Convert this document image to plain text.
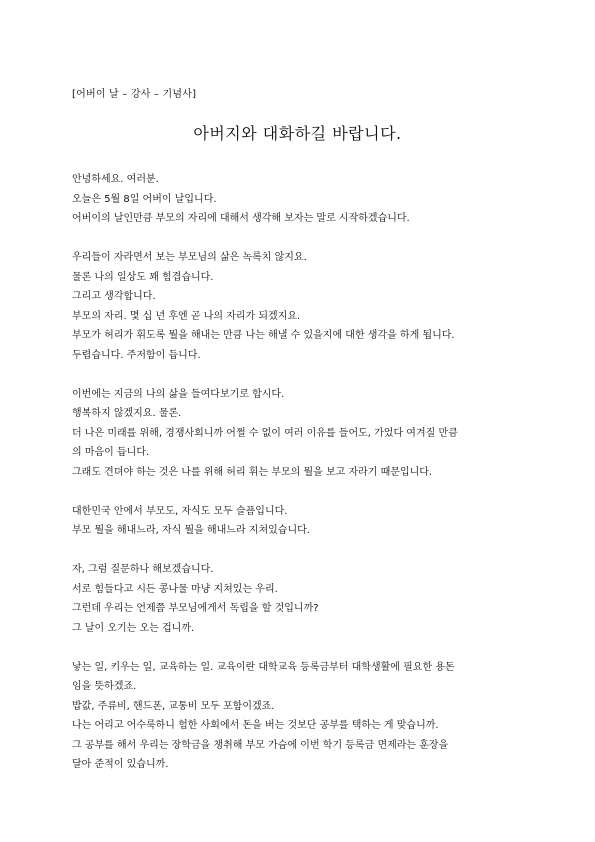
[어버이 날 – 강사 – 기념사]
아버지와 대화하길 바랍니다.
안녕하세요. 여러분.
오늘은 5월 8일 어버이 날입니다.
어버이의 날인만큼 부모의 자리에 대해서 생각해 보자는 말로 시작하겠습니다.
우리들이 자라면서 보는 부모님의 삶은 녹록치 않지요.
물론 나의 일상도 꽤 힘겹습니다.
그리고 생각합니다.
부모의 자리. 몇 십 년 후엔 곧 나의 자리가 되겠지요.
부모가 허리가 휘도록 뭘을 해내는 만큼 나는 해낼 수 있을지에 대한 생각을 하게 됩니다.
두렵습니다. 주저함이 듭니다.
이번에는 지금의 나의 삶을 들여다보기로 합시다.
행복하지 않겠지요. 물론.
더 나은 미래를 위해, 경쟁사회니까 어쩔 수 없이 여러 이유를 들어도, 가었다 여겨질 만큼
의 마음이 듭니다.
그래도 견뎌야 하는 것은 나를 위해 허리 휘는 부모의 뭘을 보고 자라기 때문입니다.
대한민국 안에서 부모도, 자식도 모두 슬픔입니다.
부모 뭘을 해내느라, 자식 뭘을 해내느라 지쳐있습니다.
자, 그럼 질문하나 해보겠습니다.
서로 힘들다고 시든 콩나물 마냥 지쳐있는 우리.
그런데 우리는 언제쯤 부모님에게서 독립을 할 것입니까?
그 날이 오기는 오는 겁니까.
낳는 일, 키우는 일, 교육하는 일. 교육이란 대학교육 등록금부터 대학생활에 필요한 용돈
임을 뜻하겠죠.
밥값, 주류비, 핸드폰, 교통비 모두 포함이겠죠.
나는 어리고 어수룩하니 험한 사회에서 돈을 버는 것보단 공부를 택하는 게 맞습니까.
그 공부를 해서 우리는 장학금을 챙취해 부모 가슴에 이번 학기 등록금 면제라는 훈장을
달아 준적이 있습니까.
